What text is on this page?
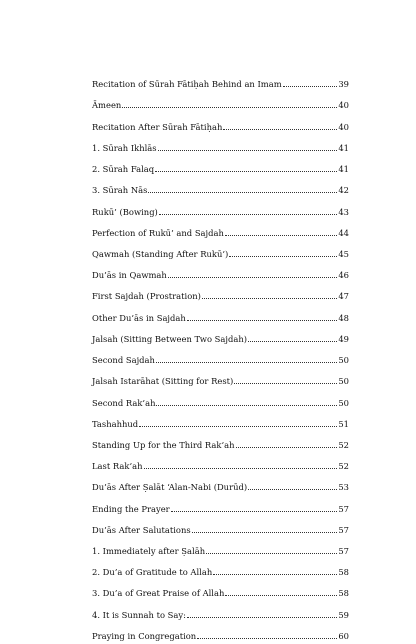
Recitation of Sūrah Fātiḥah Behind an Imam	39
Āmeen	40
Recitation After Sūrah Fātiḥah	40
1. Sūrah Ikhlās	41
2. Sūrah Falaq	41
3. Sūrah Nās	42
Rukū’ (Bowing)	43
Perfection of Rukū’ and Sajdah	44
Qawmah (Standing After Rukū’)	45
Du’ās in Qawmah	46
First Sajdah (Prostration)	47
Other Du’ās in Sajdah	48
Jalsah (Sitting Between Two Sajdah)	49
Second Sajdah	50
Jalsah Istarāhat (Sitting for Rest)	50
Second Rak’ah	50
Tashahhud	51
Standing Up for the Third Rak’ah	52
Last Rak’ah	52
Du’ās After Ṣalāt ‘Alan-Nabi (Durūd)	53
Ending the Prayer	57
Du’ās After Salutations	57
1. Immediately after Ṣalāh	57
2. Du’a of Gratitude to Allah	58
3. Du’a of Great Praise of Allah	58
4. It is Sunnah to Say:	59
Praying in Congregation	60
